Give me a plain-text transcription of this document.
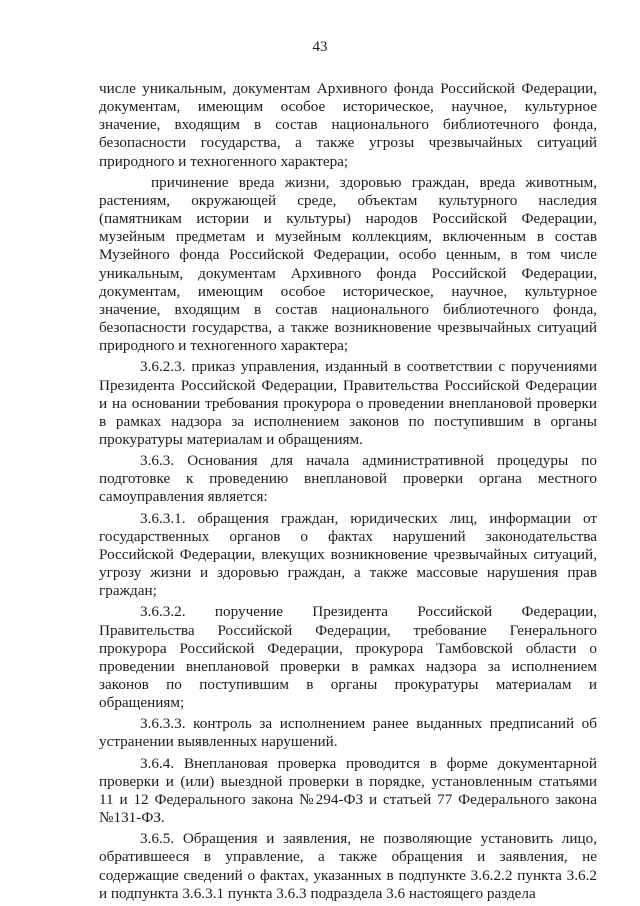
43

числе уникальным, документам Архивного фонда Российской Федерации,
документам, имеющим особое историческое, научное, культурное
значение, входящим в состав национального библиотечного фонда,
безопасности государства, а также угрозы чрезвычайных ситуаций
природного и техногенного характера;

причинение вреда жизни, здоровью граждан, вреда животным,
растениям, окружающей среде, объектам культурного наследия
(памятникам истории и культуры) народов Российской Федерации,
музейным предметам и музейным коллекциям, включенным в состав
Музейного фонда Российской Федерации, особо ценным, в том числе
уникальным, документам Архивного фонда Российской Федерации,
документам, имеющим особое историческое, научное, культурное
значение, входящим в состав национального библиотечного фонда,
безопасности государства, а также возникновение чрезвычайных ситуаций
природного и техногенного характера;

3.6.2.3. приказ управления, изданный в соответствии с поручениями
Президента Российской Федерации, Правительства Российской Федерации
и на основании требования прокурора о проведении внеплановой проверки
в рамках надзора за исполнением законов по поступившим в органы
прокуратуры материалам и обращениям.

3.6.3. Основания для начала административной процедуры по
подготовке к проведению внеплановой проверки органа местного
самоуправления является:

3.6.3.1. обращения граждан, юридических лиц, информации от
государственных органов о фактах нарушений законодательства
Российской Федерации, влекущих возникновение чрезвычайных ситуаций,
угрозу жизни и здоровью граждан, а также массовые нарушения прав
граждан;

3.6.3.2. поручение Президента Российской Федерации,
Правительства Российской Федерации, требование Генерального
прокурора Российской Федерации, прокурора Тамбовской области о
проведении внеплановой проверки в рамках надзора за исполнением
законов по поступившим в органы прокуратуры материалам и
обращениям;

3.6.3.3. контроль за исполнением ранее выданных предписаний об
устранении выявленных нарушений.

3.6.4. Внеплановая проверка проводится в форме документарной
проверки и (или) выездной проверки в порядке, установленным статьями
11 и 12 Федерального закона №294-ФЗ и статьей 77 Федерального закона
№131-ФЗ.

3.6.5. Обращения и заявления, не позволяющие установить лицо,
обратившееся в управление, а также обращения и заявления, не
содержащие сведений о фактах, указанных в подпункте 3.6.2.2 пункта 3.6.2
и подпункта 3.6.3.1 пункта 3.6.3 подраздела 3.6 настоящего раздела
